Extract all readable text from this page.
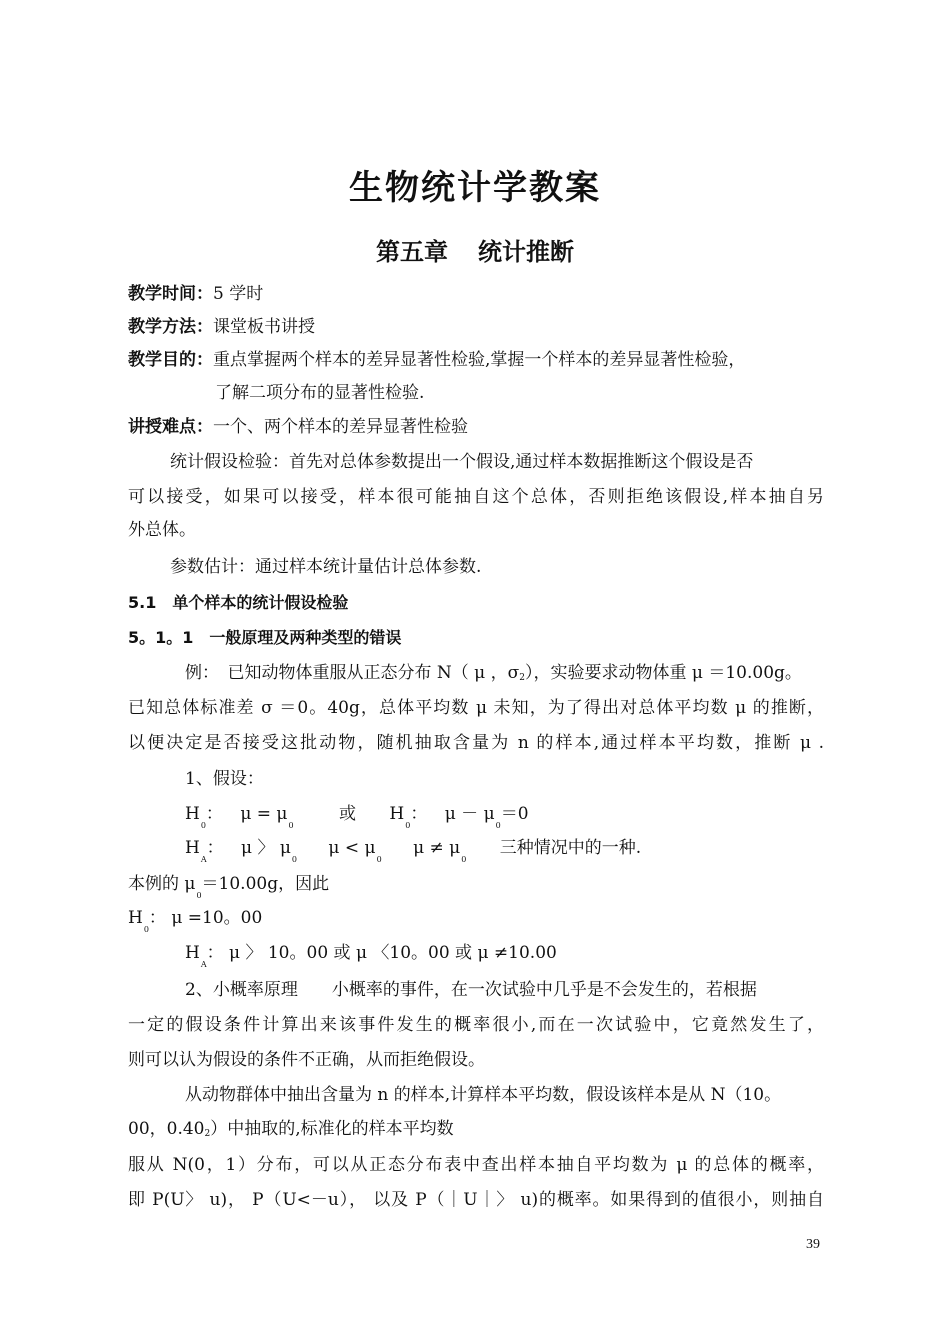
生物统计学教案
第五章 统计推断
教学时间：5 学时
教学方法：课堂板书讲授
教学目的：重点掌握两个样本的差异显著性检验,掌握一个样本的差异显著性检验，
了解二项分布的显著性检验.
讲授难点：一个、两个样本的差异显著性检验
统计假设检验：首先对总体参数提出一个假设,通过样本数据推断这个假设是否
可以接受，如果可以接受，样本很可能抽自这个总体，否则拒绝该假设,样本抽自另
外总体。
参数估计：通过样本统计量估计总体参数.
5.1　单个样本的统计假设检验
5。1。1　一般原理及两种类型的错误
例：　已知动物体重服从正态分布 N（ μ ，σ2），实验要求动物体重 μ ＝10.00g。
已知总体标准差 σ ＝0。40g，总体平均数 μ 未知，为了得出对总体平均数 μ 的推断，
以便决定是否接受这批动物，随机抽取含量为 n 的样本,通过样本平均数，推断 μ .
1、假设：
$H_0$： $\mu = \mu_0$ 或 $H_0$： $\mu - \mu_0=0$
$H_A$： μ 〉 $\mu_0$ $\mu < \mu_0$ $\mu \ne \mu_0$ 三种情况中的一种.
本例的 $\mu_0=10.00g$，因此
$H_0$： μ =10。00
$H_A$： μ 〉 10。00 或 μ 〈10。00 或 μ ≠10.00
2、小概率原理　　小概率的事件，在一次试验中几乎是不会发生的，若根据
一定的假设条件计算出来该事件发生的概率很小,而在一次试验中，它竟然发生了，
则可以认为假设的条件不正确，从而拒绝假设。
从动物群体中抽出含量为 n 的样本,计算样本平均数，假设该样本是从 N（10。
00，0.402）中抽取的,标准化的样本平均数
服从 N(0，1）分布，可以从正态分布表中查出样本抽自平均数为 μ 的总体的概率，
即 P(U〉 u)， P（U<－u）， 以及 P（｜U｜〉 u)的概率。如果得到的值很小，则抽自
39
